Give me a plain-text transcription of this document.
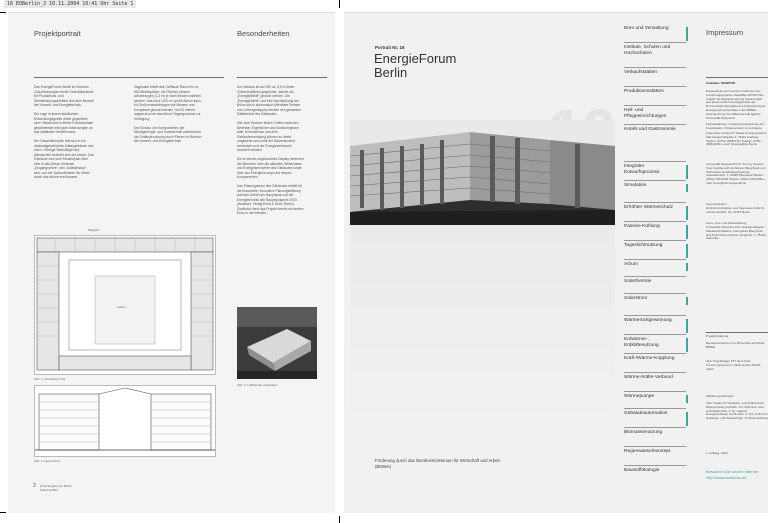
16 EOBerlin_2 10.11.2004 10:41 Uhr Seite 1
Projektportrait	Besonderheiten

Das EnergieForum Berlin im Zentrum Zukunftsenergien bietet Geschäftsräume für Produktions- und Dienstleistungsanbieter aus dem Bereich der Umwelt- und Energietechnik.

Die Lage in einem städtischen Entwicklungsgebiet direkt gegenüber dem Ostbahnhof in Berlin-Friedrichshain gewährleistet eine gute Anbindungen an das städtische Verkehrsnetz.

Der Gesamtkomplex teilt sich in ein denkmalgeschütztes Altbaugebäude und zwei L-förmige Seitenflügel auf, dazwischen befindet sich ein Atrium. Das Gebäude wird vom Strukturplan über eine in das Atrium führende „Eingangsröhre“, den „Kaleidoskop“, bzw. von der Spreeuferseite her direkt durch das Atrium erschlossen.

Insgesamt bietet das Gebäude Raum für ca. 800 Arbeitsplätze, die Flächen können achsbezogen (1,3 m) je nach Bedarf unterteilt werden. Das rund 1200 m² große Atrium kann für Großveranstaltungen wie Messen und Kongresse genutzt werden, im EG stehen angrenzend an das Atrium Tagungsräume zur Verfügung.

Der Einsatz von Komponenten der Niedrigenergie- und Solartechnik unterstreicht die Gebäudenutzung durch Firmen im Bereich der Umwelt- und Energietechnik.

Der Neubau ist auf 190 ca. 8,5 m tiefen Ortbetonpfählen gegründet, welche als „Energiepfähle“ genutzt werden. Die „Energiepfähle“ und eine Nachkühlung der Büros durch automatisch öffenbare Fenster und Lüftungsklappen decken den gesamten Kältebedarf des Gebäudes.

Alle zwei Wochen finden Treffen zwischen Betreiber, Eigentümer und Monitoringteam statt. Erkenntnisse aus dem Gebäudemonitoring können so direkt umgesetzt und somit der Nutzerkomfort verbessert und der Energieverbrauch reduziert werden.

Ein im Atrium angebrachtes Display informiert die Besucher über die aktuellen Wetterdaten und Energiekennwerte des Gebäudes sowie über das Energiekonzept und dessen Komponenten.

Das Planungsteam des Gebäudes erhielt für die besondere, innovative Planungsleistung auf dem Gebiet der Bauphysik und der Energietechnik den Bauphysikpreis 2003 (Ausloser: Verlag Ernst & Sohn, Berlin). Zusätzlich fand das Projekt bereits ein breites Echo in den Medien.

Magazin
Atrium
Abb. 1: Grundriss 2.OG
Abb. 2: Querschnitt
Abb. 3: Luftbild des Gebäudes
2 16 EnergieForum Berlin
Stand 9/2004
Portrait Nr. 16
EnergieForum
Berlin
Förderung durch das Bundesministerium für Wirtschaft und Arbeit (BMWA)
Büro und Verwaltung
Institute, Schulen und Hochschulen
Verkaufsstätten
Produktionsstätten
Heil- und Pflegeeinrichtungen
Hotels und Gastronomie
Integraler Entwurfsprozess
Simulation
Erhöhter Wärmeschutz
Passive Kühlung
Tageslichtnutzung
Atrium
Solarthermie
Solarstrom
Wärmerückgewinnung
Erdwärme-, Erdkältenutzung
Kraft-/Wärme-Kopplung
Wärme-/Kälte-Verbund
Wärmepumpe
Gebäudeautomation
Biomassenutzung
Regenwasserkonzept
Baustoffökologie
Impressum
SolarBau: MONITOR
Dieses Dokument wurde im Rahmen des Forschungsprojekts »SolarBau:MONITOR« erstellt. Die Begleitforschung dokumentiert und kommuniziert die Ergebnisse der Demonstrationsprojekte des Förderkonzepts Energieoptimiertes Bauen des BMWA. Verantwortung für Fallbeispiel: Bergische Universität Wuppertal
Kontaktadresse: Gesamtverantwortung und Koordination, Dokumentation und Analyse
Fraunhofer-Institut für Solare Energiesysteme ISE Heidenhofstraße 2, 79110 Freiburg Telefon: (0761) 4588-5117 Telefax: (0761) 4588-9000 e-mail: hinweis@ise.fhg.de
Universität Wuppertal Prof. Dr.-Ing. Karsten Voss Fachbereich Architektur Bauphysik und Technische Gebäudeausrüstung Pauluskirchstr. 7, 42285 Wuppertal Telefon: (0202) 439-4094 Telefax: (0202) 439-4296 e-mail: kvoss@uni-wuppertal.de
Kommunikation
sinnhaft Architekten und Ingenieure Felix Dr. Löhnert Hohlstr. 30, 13355 Berlin
Lehre, Aus- und Weiterbildung
Universität Karlsruhe Prof. Andreas Wagner Fakultät Architektur, Fachgebiet Bauphysik und Technischer Ausbau, Englerstr. 7, 76128 Karlsruhe
Projektförderung
Bundesministerium für Wirtschaft und Arbeit BMWA
über Projektträger PTJ Herr Kratz, Forschungszentrum Jülich GmbH, 52425 Jülich
Abbildungsnachweis
Titel: Institut für Gebäude- und Solartechnik, Braunschweig IGS Abb. 1-2: Rüthnick, Axel Architekten Abb. 3: Dr. Valentin EnergieSoftware GmbH Abb. 4, 6-9: Institut für Gebäude- und Solartechnik, TU Braunschweig
1. Auflage, 2004
Besuchen Sie uns im Internet
http://www.solarbau.de
